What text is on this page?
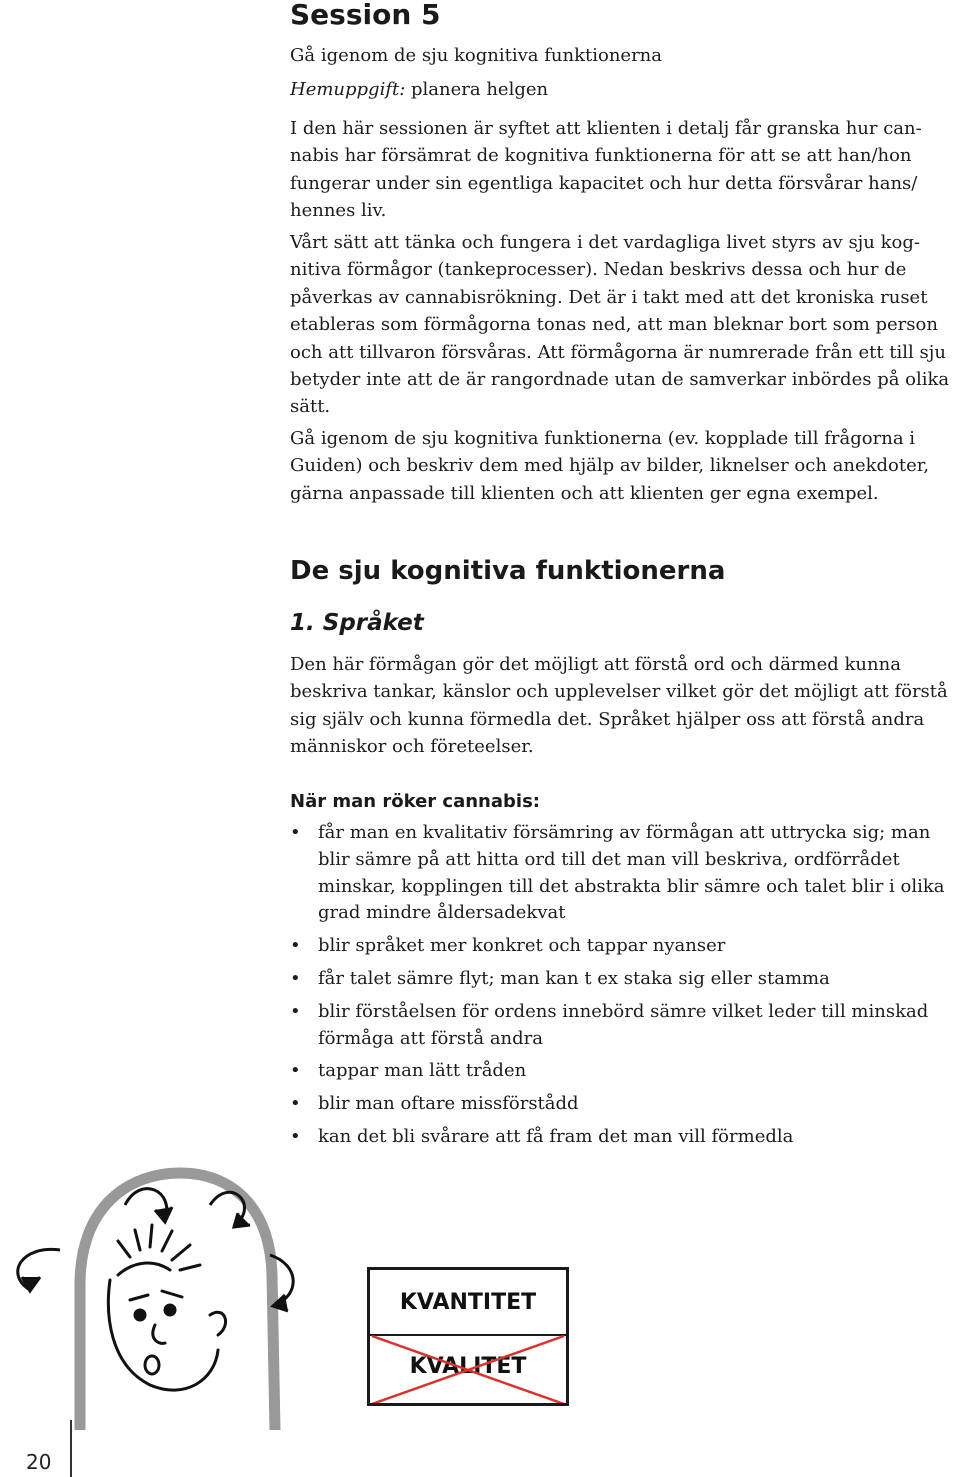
Session 5
Gå igenom de sju kognitiva funktionerna
Hemuppgift: planera helgen
I den här sessionen är syftet att klienten i detalj får granska hur can-
nabis har försämrat de kognitiva funktionerna för att se att han/hon
fungerar under sin egentliga kapacitet och hur detta försvårar hans/
hennes liv.
Vårt sätt att tänka och fungera i det vardagliga livet styrs av sju kog-
nitiva förmågor (tankeprocesser). Nedan beskrivs dessa och hur de
påverkas av cannabisrökning. Det är i takt med att det kroniska ruset
etableras som förmågorna tonas ned, att man bleknar bort som person
och att tillvaron försvåras. Att förmågorna är numrerade från ett till sju
betyder inte att de är rangordnade utan de samverkar inbördes på olika
sätt.
Gå igenom de sju kognitiva funktionerna (ev. kopplade till frågorna i
Guiden) och beskriv dem med hjälp av bilder, liknelser och anekdoter,
gärna anpassade till klienten och att klienten ger egna exempel.
De sju kognitiva funktionerna
1. Språket
Den här förmågan gör det möjligt att förstå ord och därmed kunna
beskriva tankar, känslor och upplevelser vilket gör det möjligt att förstå
sig själv och kunna förmedla det. Språket hjälper oss att förstå andra
människor och företeelser.
När man röker cannabis:
• får man en kvalitativ försämring av förmågan att uttrycka sig; man
blir sämre på att hitta ord till det man vill beskriva, ordförrådet
minskar, kopplingen till det abstrakta blir sämre och talet blir i olika
grad mindre åldersadekvat
• blir språket mer konkret och tappar nyanser
• får talet sämre flyt; man kan t ex staka sig eller stamma
• blir förståelsen för ordens innebörd sämre vilket leder till minskad
förmåga att förstå andra
• tappar man lätt tråden
• blir man oftare missförstådd
• kan det bli svårare att få fram det man vill förmedla
KVANTITET
KVALITET
20
